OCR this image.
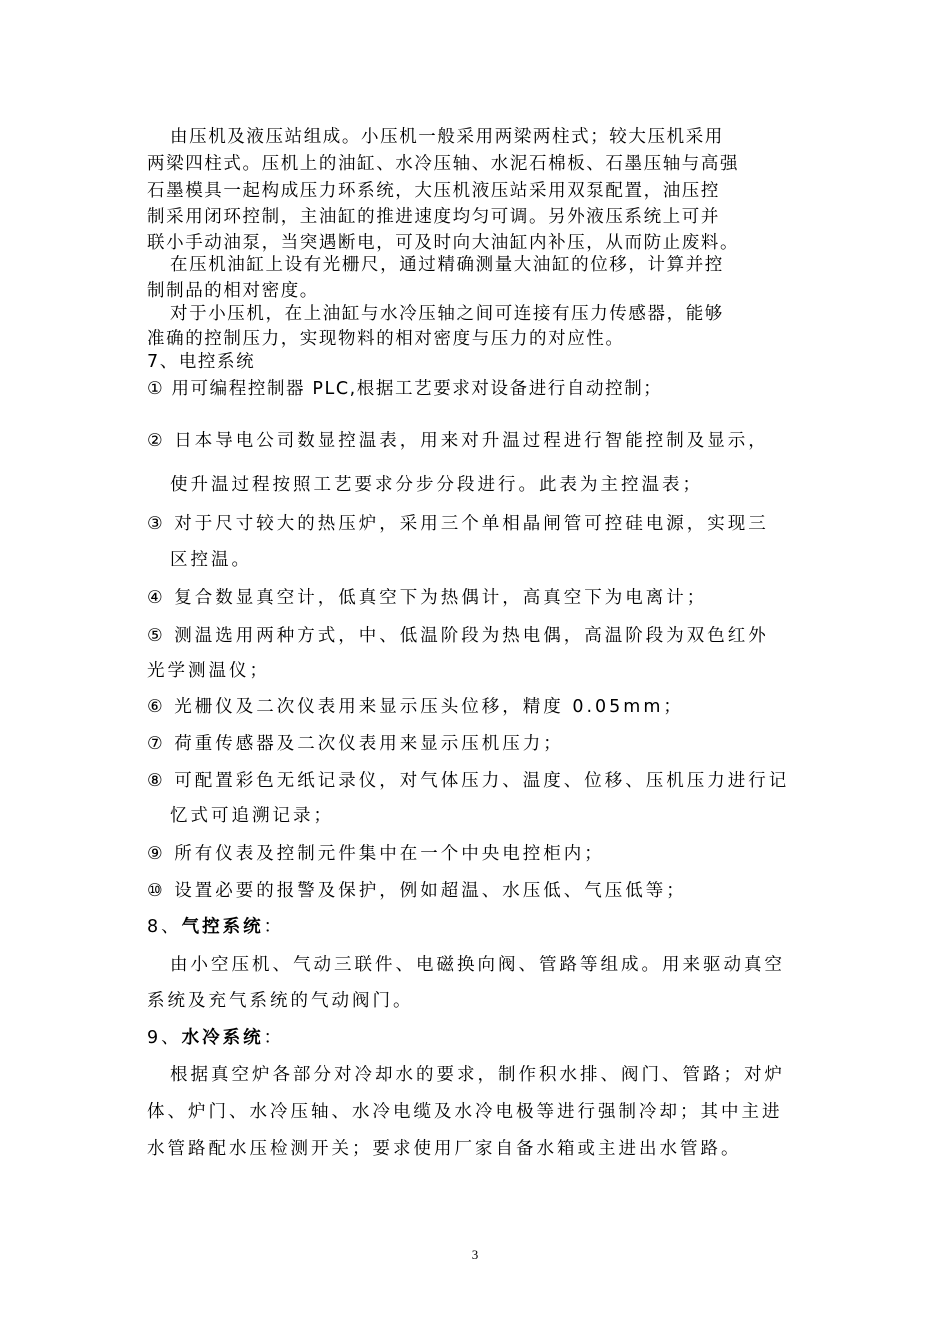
由压机及液压站组成。小压机一般采用两梁两柱式；较大压机采用
两梁四柱式。压机上的油缸、水冷压轴、水泥石棉板、石墨压轴与高强
石墨模具一起构成压力环系统，大压机液压站采用双泵配置，油压控
制采用闭环控制，主油缸的推进速度均匀可调。另外液压系统上可并
联小手动油泵，当突遇断电，可及时向大油缸内补压，从而防止废料。
在压机油缸上设有光栅尺，通过精确测量大油缸的位移，计算并控
制制品的相对密度。
对于小压机，在上油缸与水冷压轴之间可连接有压力传感器，能够
准确的控制压力，实现物料的相对密度与压力的对应性。
7、电控系统
① 用可编程控制器 PLC,根据工艺要求对设备进行自动控制；
② 日本导电公司数显控温表，用来对升温过程进行智能控制及显示，
使升温过程按照工艺要求分步分段进行。此表为主控温表；
③ 对于尺寸较大的热压炉，采用三个单相晶闸管可控硅电源，实现三
区控温。
④ 复合数显真空计，低真空下为热偶计，高真空下为电离计；
⑤ 测温选用两种方式，中、低温阶段为热电偶，高温阶段为双色红外
光学测温仪；
⑥ 光栅仪及二次仪表用来显示压头位移，精度 0.05mm；
⑦ 荷重传感器及二次仪表用来显示压机压力；
⑧ 可配置彩色无纸记录仪，对气体压力、温度、位移、压机压力进行记
忆式可追溯记录；
⑨ 所有仪表及控制元件集中在一个中央电控柜内；
⑩ 设置必要的报警及保护，例如超温、水压低、气压低等；
8、气控系统：
由小空压机、气动三联件、电磁换向阀、管路等组成。用来驱动真空
系统及充气系统的气动阀门。
9、水冷系统：
根据真空炉各部分对冷却水的要求，制作积水排、阀门、管路；对炉
体、炉门、水冷压轴、水冷电缆及水冷电极等进行强制冷却；其中主进
水管路配水压检测开关；要求使用厂家自备水箱或主进出水管路。
3
